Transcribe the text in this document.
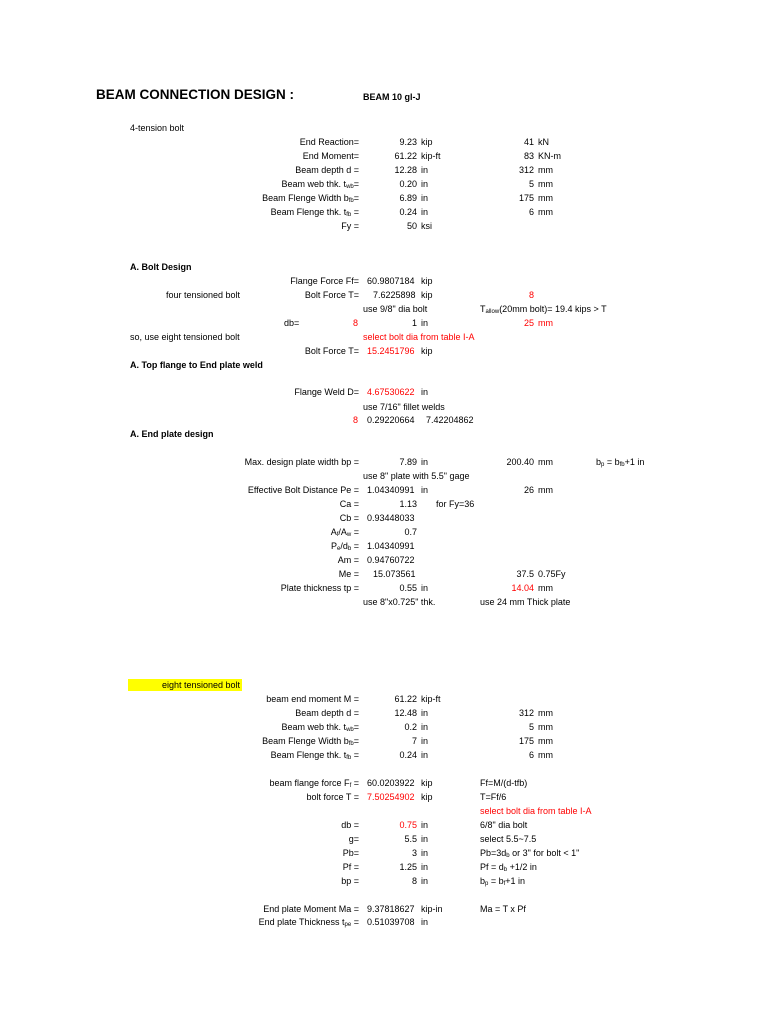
BEAM CONNECTION DESIGN :	BEAM 10 gl-J
4-tension bolt
End Reaction=	9.23 kip	41 kN
End Moment=	61.22 kip-ft	83 KN-m
Beam depth d =	12.28 in	312 mm
Beam web thk. $t_{wb}=$	0.20 in	5 mm
Beam Flenge Width $b_{fb}=$	6.89 in	175 mm
Beam Flenge thk. $t_{fb}$ =	0.24 in	6 mm
Fy =	50 ksi
A. Bolt Design
Flange Force Ff= 60.9807184 kip
four tensioned bolt	Bolt Force T= 7.6225898 kip	8
use 9/8" dia bolt	$T_{allow}(20mm$ bolt)= 19.4 kips > T
db=	8	1 in	25 mm
so, use eight tensioned bolt	select bolt dia from table I-A
Bolt Force T= 15.2451796 kip
A. Top flange to End plate weld
Flange Weld D= 4.67530622 in
use 7/16" fillet welds
8 0.29220664 7.42204862
A. End plate design
Max. design plate width bp =	7.89 in	200.40 mm	$b_p = b_{fb}+1$ in
use 8" plate with 5.5" gage
Effective Bolt Distance Pe = 1.04340991 in	26 mm
Ca =	1.13 for Fy=36
Cb = 0.93448033
$A_f/A_w$ =	0.7
$P_e/d_b = 1.04340991$
Am = 0.94760722
Me = 15.073561	37.5 0.75Fy
Plate thickness tp =	0.55 in	14.04 mm
use 8"x0.725" thk.	use 24 mm Thick plate
eight tensioned bolt
beam end moment M =	61.22 kip-ft
Beam depth d =	12.48 in	312 mm
Beam web thk. $t_{wb}=$	0.2 in	5 mm
Beam Flenge Width $b_{fb}=$	7 in	175 mm
Beam Flenge thk. $t_{fb}$ =	0.24 in	6 mm
beam flange force $F_f = 60.0203922$ kip	Ff=M/(d-tfb)
bolt force T = 7.50254902 kip	T=Ff/6
select bolt dia from table I-A
db =	0.75 in	6/8" dia bolt
g=	5.5 in	select 5.5~7.5
Pb=	3 in	$Pb=3d_b$ or 3" for bolt < 1"
Pf =	1.25 in	$Pf = d_b +1/2$ in
bp =	8 in	$b_p = b_f+1$ in
End plate Moment Ma = 9.37818627 kip-in	Ma = T x Pf
End plate Thickness $t_{pe} = 0.51039708$ in
